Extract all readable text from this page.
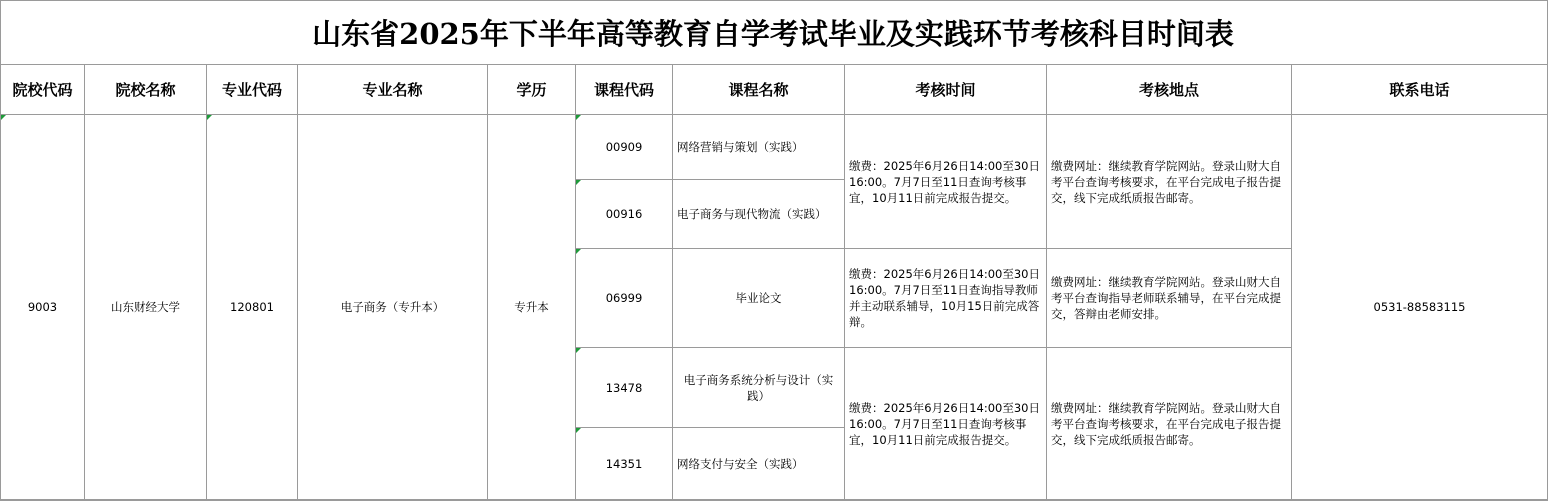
山东省2025年下半年高等教育自学考试毕业及实践环节考核科目时间表
院校代码	院校名称	专业代码	专业名称	学历	课程代码	课程名称	考核时间	考核地点	联系电话
9003	山东财经大学	120801	电子商务（专升本）	专升本	00909	网络营销与策划（实践）	缴费：2025年6月26日14:00至30日16:00。7月7日至11日查询考核事宜，10月11日前完成报告提交。	缴费网址：继续教育学院网站。登录山财大自考平台查询考核要求，在平台完成电子报告提交，线下完成纸质报告邮寄。	0531-88583115
					00916	电子商务与现代物流（实践）			
					06999	毕业论文	缴费：2025年6月26日14:00至30日16:00。7月7日至11日查询指导教师并主动联系辅导，10月15日前完成答辩。	缴费网址：继续教育学院网站。登录山财大自考平台查询指导老师联系辅导，在平台完成提交，答辩由老师安排。	
					13478	电子商务系统分析与设计（实践）	缴费：2025年6月26日14:00至30日16:00。7月7日至11日查询考核事宜，10月11日前完成报告提交。	缴费网址：继续教育学院网站。登录山财大自考平台查询考核要求，在平台完成电子报告提交，线下完成纸质报告邮寄。	
					14351	网络支付与安全（实践）			
